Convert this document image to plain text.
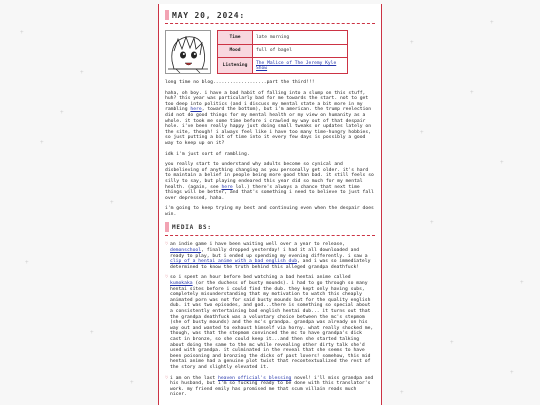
+
+
+
+
+
+
+
+
+
+
+
+
+
+
+
+
+
+
MAY 20, 2024 :
Time	late morning
Mood	full of bagel
Listening	The Malice of The Jeremy Kyle Show

long time no blog...................part the third!!!

haha, oh boy. i have a bad habit of falling into a slump on this stuff, huh? this year was particularly bad for me towards the start. not to get too deep into politics (and i discuss my mental state a bit more in my rambling here, toward the bottom), but i'm american. the trump reelection did not do good things for my mental health or my view on humanity as a whole. it took me some time before i crawled my way out of that despair hole. i've been really happy just doing small tweaks or updates lately on the site, though! i always feel like i have too many time-hungry hobbies, so just putting a bit of time into it every few days is possibly a good way to keep up on it?

idk i'm just sort of rambling.

you really start to understand why adults become so cynical and disbelieving of anything changing as you personally get older. it's hard to maintain a belief in people being more good than bad. it still feels so silly to say, but playing endeared this year did so much for my mental health. (again, see here lol.) there's always a chance that next time things will be better, and that's something i need to believe to just fall over depressed, haha.

i'm going to keep trying my best and continuing even when the despair does win.

MEDIA BS :
♡ an indie game i have been waiting well over a year to release, demonschool, finally dropped yesterday! i had it all downloaded and ready to play, but i ended up spending my evening differently. i saw a clip of a hentai anime with a bad english dub, and i was so immediately determined to know the truth behind this alleged grandpa deathfuck!

♡ so i spent an hour before bed watching a bad hentai anime called kumokaka (or the duchess of busty mounds). i had to go through so many hentai sites before i could find the dub. they kept only having subs, completely misunderstanding that my motivation to watch this cheaply animated porn was not for said busty mounds but for the quality english dub. it was two episodes, and god...there is something so special about a consistently entertaining bad english hentai dub... it turns out that the grandpa deathfuck was a voluntary choice between the mc's stepmom (she of busty mounds) and the mc's grandpa. grandpa was already on his way out and wanted to exhaust himself via horny. what really shocked me, though, was that the stepmom convinced the mc to have grandpa's dick cast in bronze, so she could keep it...and then she started talking about doing the same to the mc while revealing other dirty talk she'd used with grandpa. it culminated in the reveal that she seems to have been poisoning and bronzing the dicks of past lovers! somehow, this mid hentai anime had a genuine plot twist that recontextualized the rest of the story and slightly elevated it.

♡ i am on the last heaven official's blessing novel! i'll miss grandpa and his husband, but i'm so fucking ready to be done with this translator's work. my friend emily has promised me that scum villain reads much nicer.
